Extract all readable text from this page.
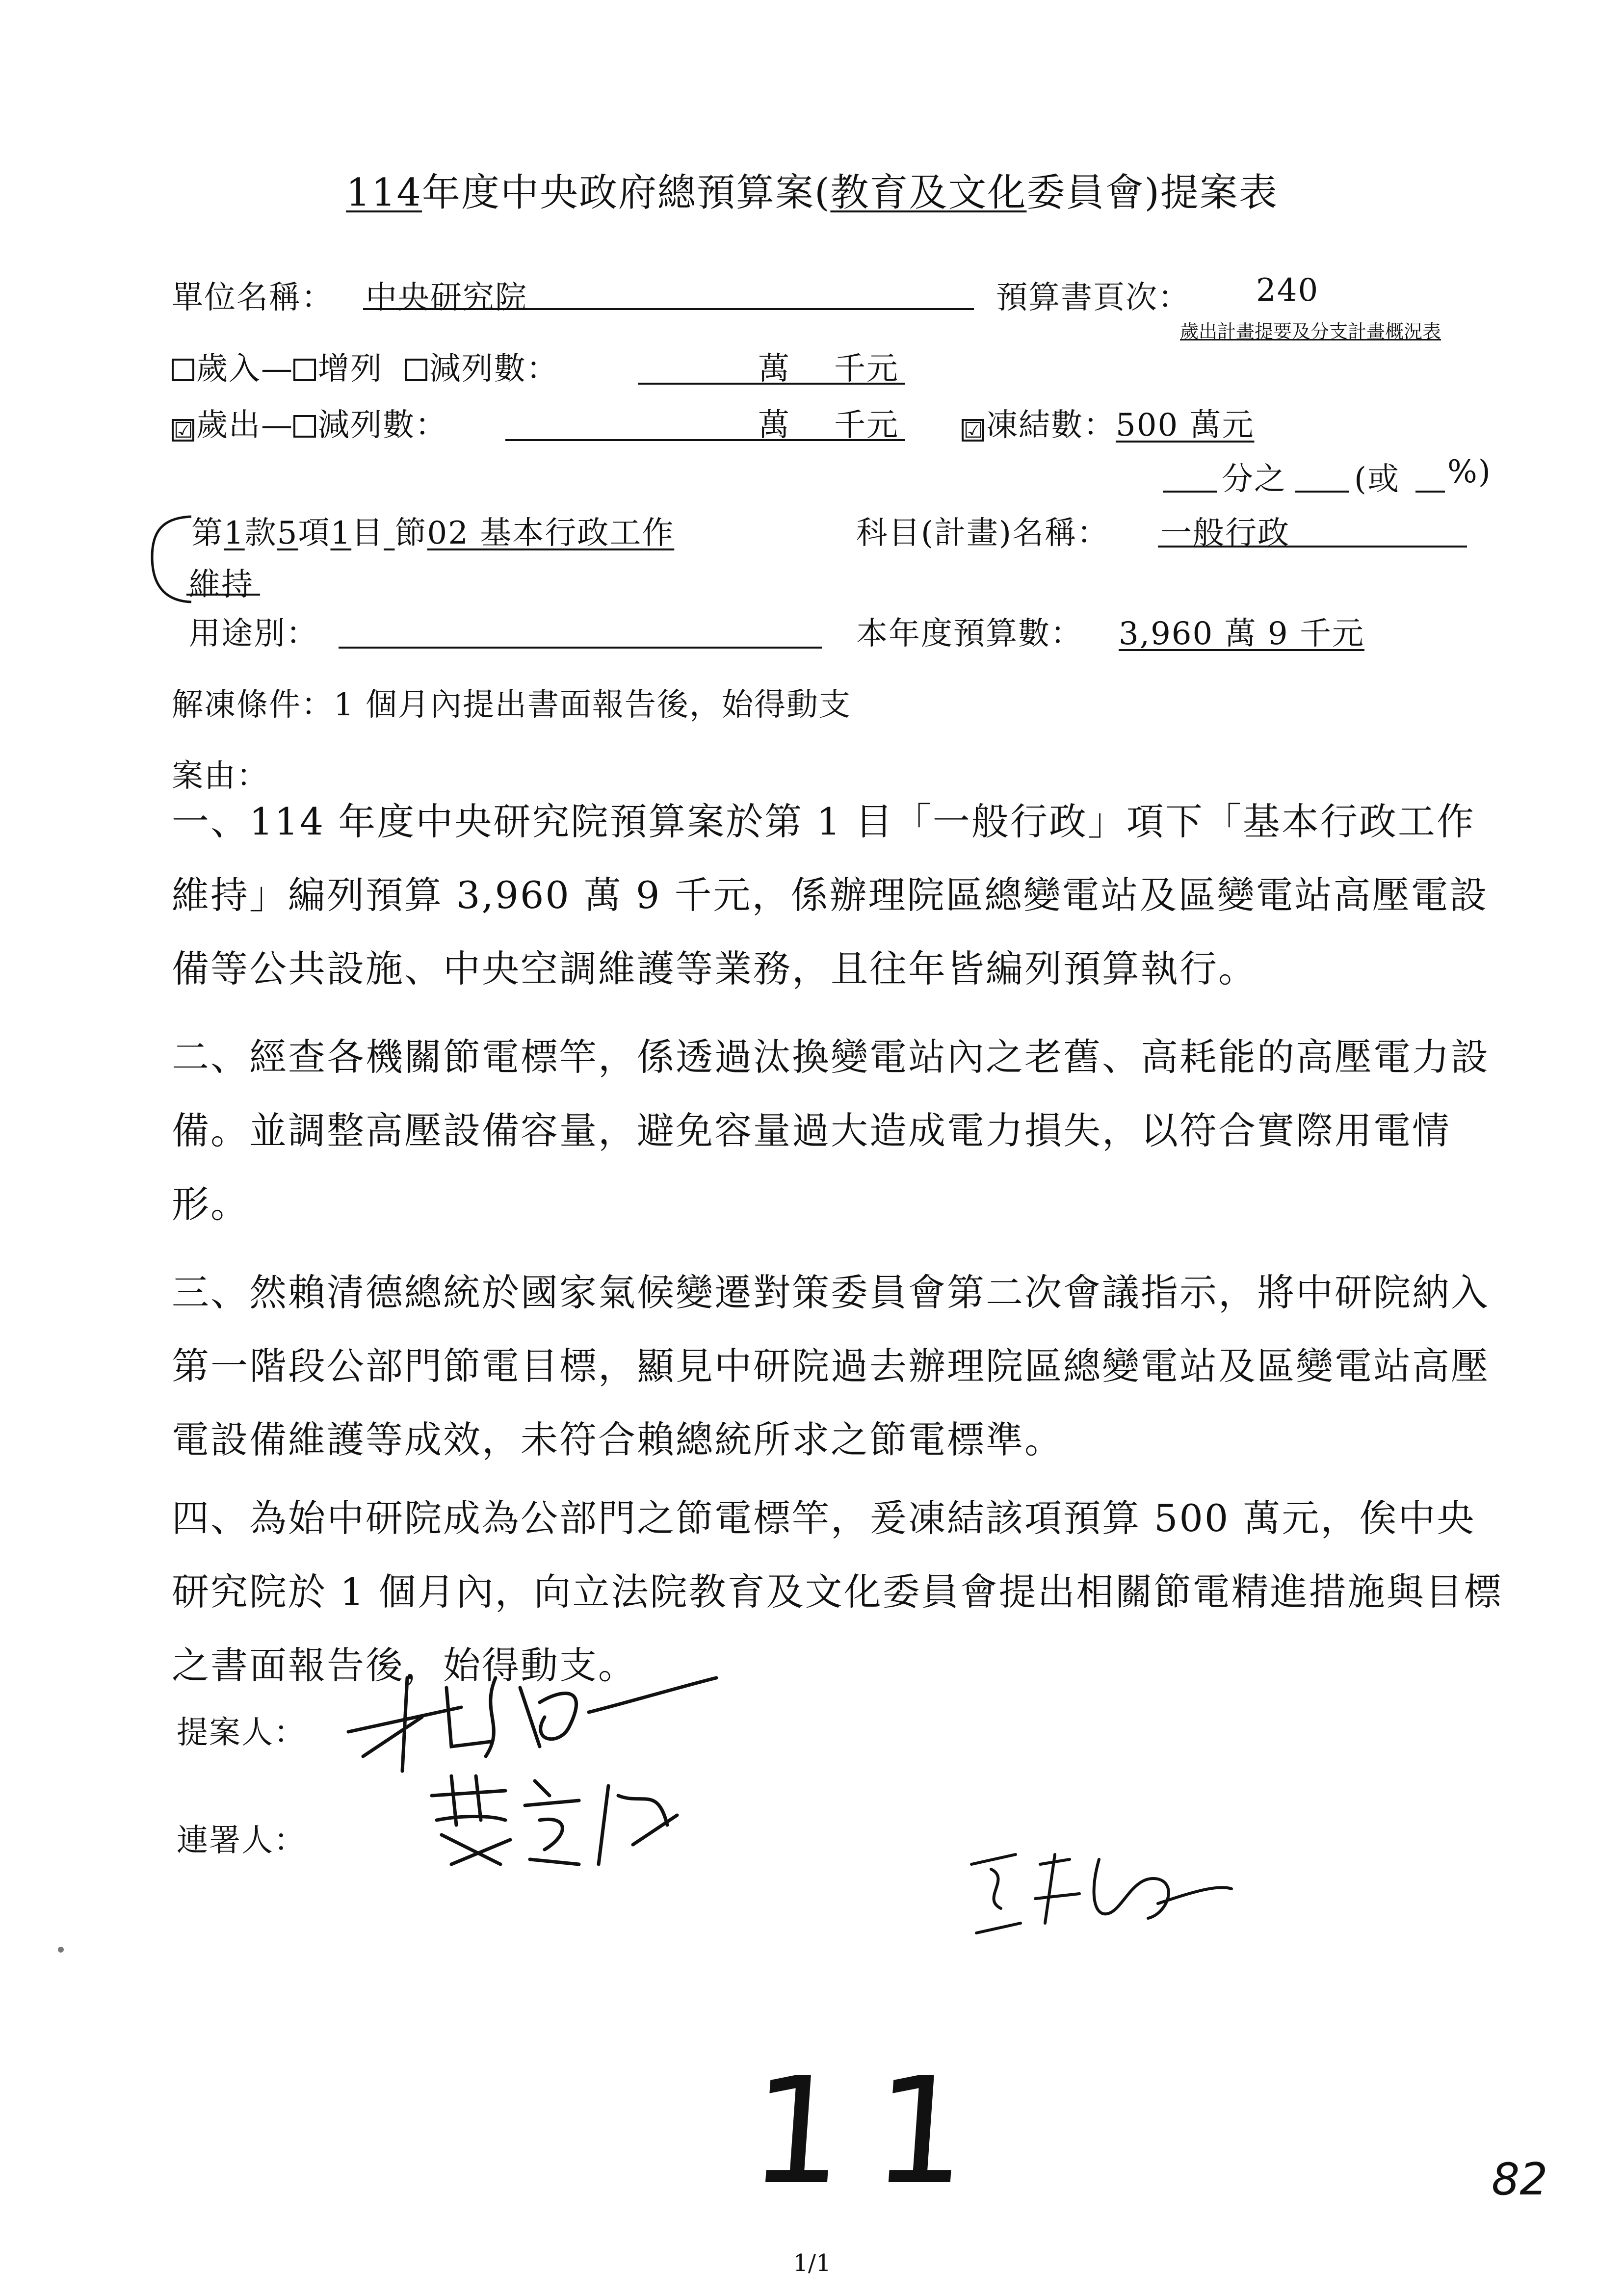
114年度中央政府總預算案(教育及文化委員會)提案表
單位名稱： 中央研究院	預算書頁次： 240
歲出計畫提要及分支計畫概況表
歲入— 增列 減列數：	萬 千元
☑歲出— 減列數：	萬 千元	☑凍結數：500 萬元
分之 (或 %)
第1款5項1目 節02 基本行政工作	科目(計畫)名稱： 一般行政
維持
用途別：	本年度預算數： 3,960 萬 9 千元
解凍條件：1 個月內提出書面報告後，始得動支
案由：
一、114 年度中央研究院預算案於第 1 目「一般行政」項下「基本行政工作維持」編列預算 3,960 萬 9 千元，係辦理院區總變電站及區變電站高壓電設備等公共設施、中央空調維護等業務，且往年皆編列預算執行。
二、經查各機關節電標竿，係透過汰換變電站內之老舊、高耗能的高壓電力設備。並調整高壓設備容量，避免容量過大造成電力損失，以符合實際用電情形。
三、然賴清德總統於國家氣候變遷對策委員會第二次會議指示，將中研院納入第一階段公部門節電目標，顯見中研院過去辦理院區總變電站及區變電站高壓電設備維護等成效，未符合賴總統所求之節電標準。
四、為始中研院成為公部門之節電標竿，爰凍結該項預算 500 萬元，俟中央研究院於 1 個月內，向立法院教育及文化委員會提出相關節電精進措施與目標之書面報告後，始得動支。
提案人：
連署人：
11	82
1/1
